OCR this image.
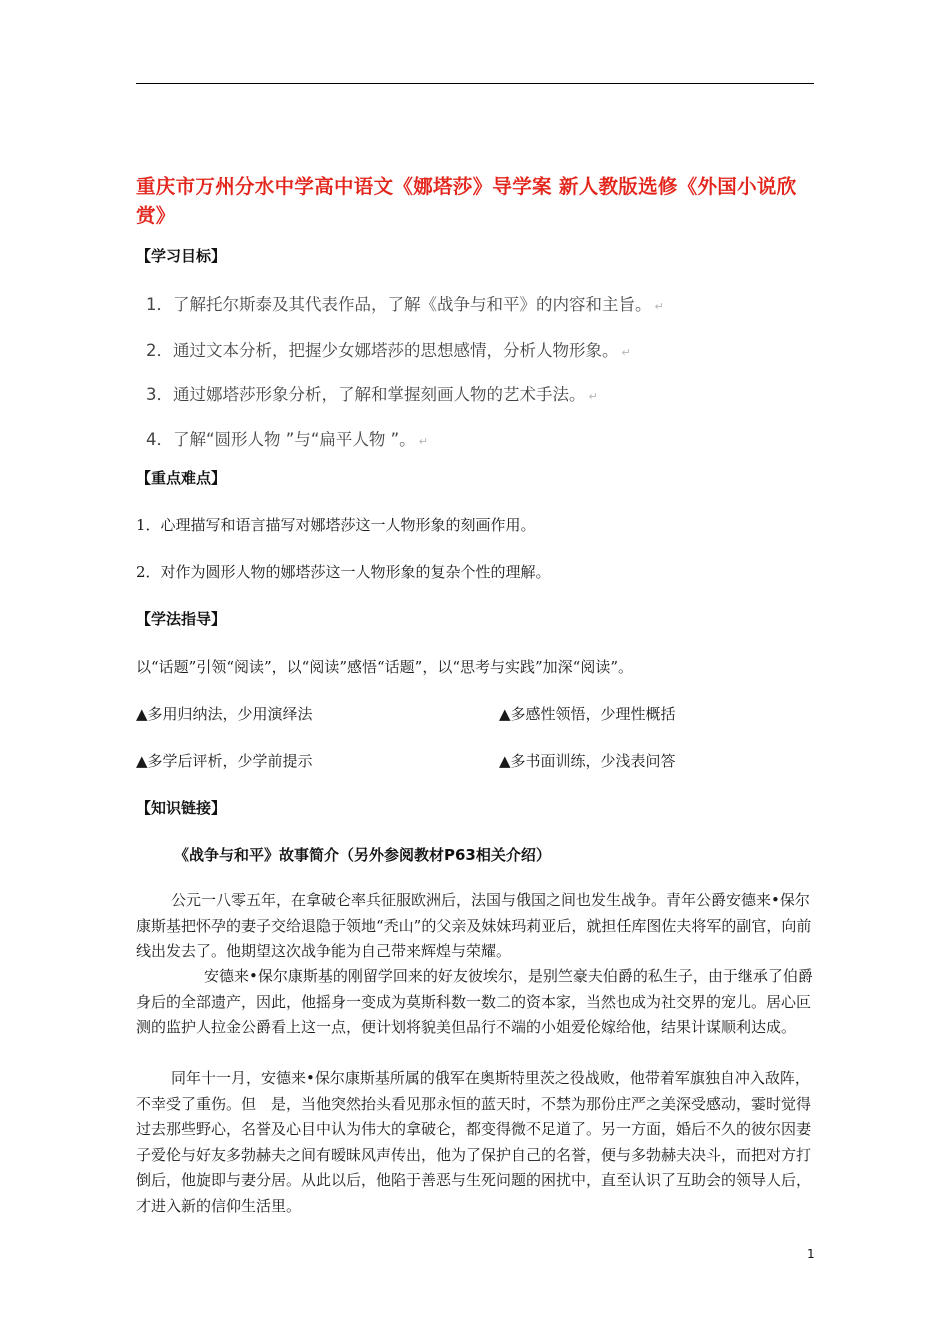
重庆市万州分水中学高中语文《娜塔莎》导学案 新人教版选修《外国小说欣赏》
【学习目标】
1．了解托尔斯泰及其代表作品，了解《战争与和平》的内容和主旨。 ↵
2．通过文本分析，把握少女娜塔莎的思想感情，分析人物形象。 ↵
3．通过娜塔莎形象分析，了解和掌握刻画人物的艺术手法。 ↵
4．了解“圆形人物 ”与“扁平人物 ”。 ↵
【重点难点】
1．心理描写和语言描写对娜塔莎这一人物形象的刻画作用。
2．对作为圆形人物的娜塔莎这一人物形象的复杂个性的理解。
【学法指导】
以“话题”引领“阅读”，以“阅读”感悟“话题”，以“思考与实践”加深“阅读”。
▲多用归纳法，少用演绎法	▲多感性领悟，少理性概括
▲多学后评析，少学前提示	▲多书面训练，少浅表问答
【知识链接】
《战争与和平》故事简介（另外参阅教材P63相关介绍）
公元一八零五年，在拿破仑率兵征服欧洲后，法国与俄国之间也发生战争。青年公爵安德来•保尔康斯基把怀孕的妻子交给退隐于领地“秃山”的父亲及妹妹玛莉亚后，就担任库图佐夫将军的副官，向前线出发去了。他期望这次战争能为自己带来辉煌与荣耀。
安德来•保尔康斯基的刚留学回来的好友彼埃尔，是别竺豪夫伯爵的私生子，由于继承了伯爵身后的全部遗产，因此，他摇身一变成为莫斯科数一数二的资本家，当然也成为社交界的宠儿。居心叵测的监护人拉金公爵看上这一点，便计划将貌美但品行不端的小姐爱伦嫁给他，结果计谋顺利达成。
同年十一月，安德来•保尔康斯基所属的俄军在奥斯特里茨之役战败，他带着军旗独自冲入敌阵，不幸受了重伤。但　是，当他突然抬头看见那永恒的蓝天时，不禁为那份庄严之美深受感动，霎时觉得过去那些野心，名誉及心目中认为伟大的拿破仑，都变得微不足道了。另一方面，婚后不久的彼尔因妻子爱伦与好友多勃赫夫之间有暧昧风声传出，他为了保护自己的名誉，便与多勃赫夫决斗，而把对方打倒后，他旋即与妻分居。从此以后，他陷于善恶与生死问题的困扰中，直至认识了互助会的领导人后，才进入新的信仰生活里。
1
